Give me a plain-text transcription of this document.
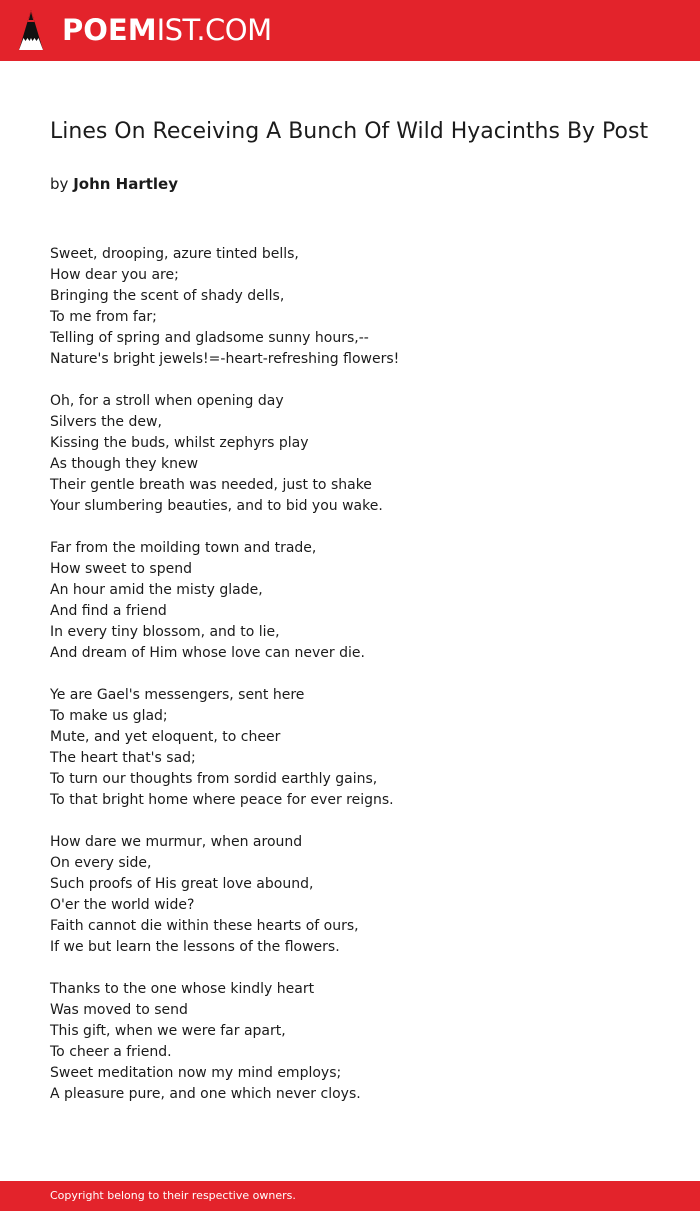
POEMIST.COM
Lines On Receiving A Bunch Of Wild Hyacinths By Post
by John Hartley
Sweet, drooping, azure tinted bells,
How dear you are;
Bringing the scent of shady dells,
To me from far;
Telling of spring and gladsome sunny hours,--
Nature's bright jewels!=-heart-refreshing flowers!
Oh, for a stroll when opening day
Silvers the dew,
Kissing the buds, whilst zephyrs play
As though they knew
Their gentle breath was needed, just to shake
Your slumbering beauties, and to bid you wake.
Far from the moilding town and trade,
How sweet to spend
An hour amid the misty glade,
And find a friend
In every tiny blossom, and to lie,
And dream of Him whose love can never die.
Ye are Gael's messengers, sent here
To make us glad;
Mute, and yet eloquent, to cheer
The heart that's sad;
To turn our thoughts from sordid earthly gains,
To that bright home where peace for ever reigns.
How dare we murmur, when around
On every side,
Such proofs of His great love abound,
O'er the world wide?
Faith cannot die within these hearts of ours,
If we but learn the lessons of the flowers.
Thanks to the one whose kindly heart
Was moved to send
This gift, when we were far apart,
To cheer a friend.
Sweet meditation now my mind employs;
A pleasure pure, and one which never cloys.
Copyright belong to their respective owners.
